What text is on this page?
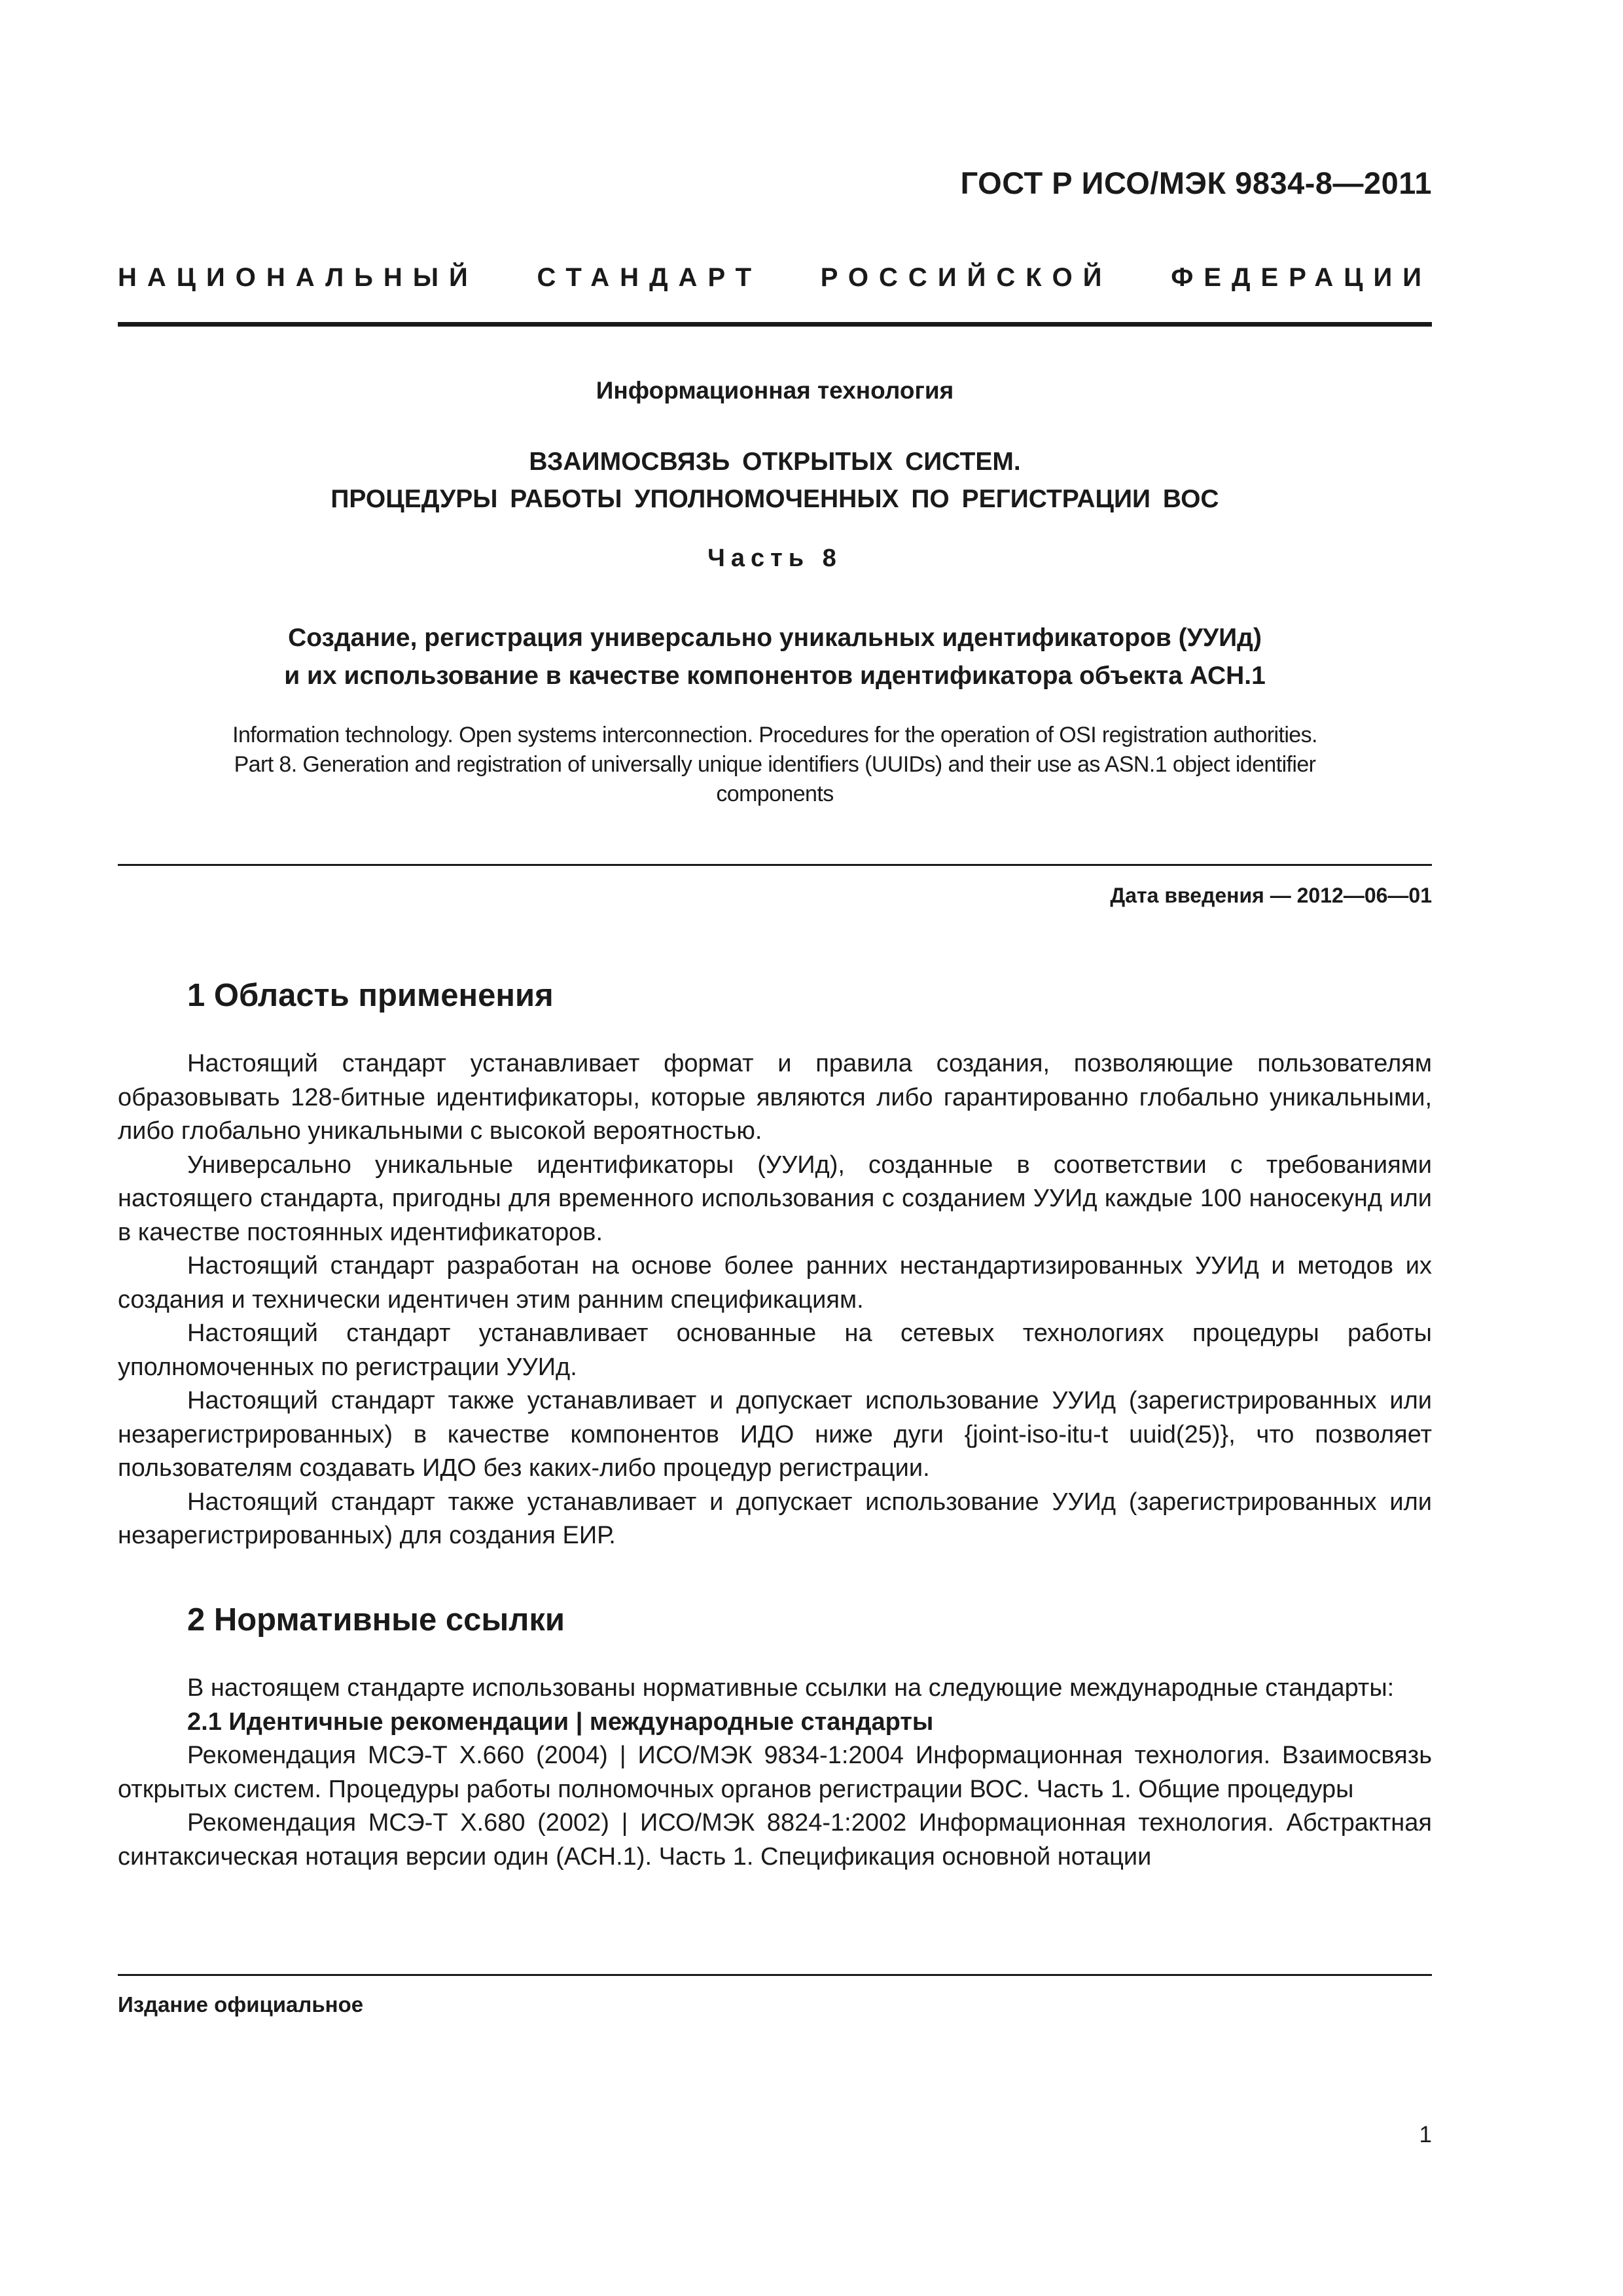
ГОСТ Р ИСО/МЭК 9834-8—2011
НАЦИОНАЛЬНЫЙ СТАНДАРТ РОССИЙСКОЙ ФЕДЕРАЦИИ
Информационная технология
ВЗАИМОСВЯЗЬ ОТКРЫТЫХ СИСТЕМ.
ПРОЦЕДУРЫ РАБОТЫ УПОЛНОМОЧЕННЫХ ПО РЕГИСТРАЦИИ ВОС
Часть 8
Создание, регистрация универсально уникальных идентификаторов (УУИд)
и их использование в качестве компонентов идентификатора объекта АСН.1
Information technology. Open systems interconnection. Procedures for the operation of OSI registration authorities.
Part 8. Generation and registration of universally unique identifiers (UUIDs) and their use as ASN.1 object identifier
components
Дата введения — 2012—06—01
1 Область применения

Настоящий стандарт устанавливает формат и правила создания, позволяющие пользователям образовывать 128-битные идентификаторы, которые являются либо гарантированно глобально уникальными, либо глобально уникальными с высокой вероятностью.

Универсально уникальные идентификаторы (УУИд), созданные в соответствии с требованиями настоящего стандарта, пригодны для временного использования с созданием УУИд каждые 100 наносекунд или в качестве постоянных идентификаторов.

Настоящий стандарт разработан на основе более ранних нестандартизированных УУИд и методов их создания и технически идентичен этим ранним спецификациям.

Настоящий стандарт устанавливает основанные на сетевых технологиях процедуры работы уполномоченных по регистрации УУИд.

Настоящий стандарт также устанавливает и допускает использование УУИд (зарегистрированных или незарегистрированных) в качестве компонентов ИДО ниже дуги {joint-iso-itu-t uuid(25)}, что позволяет пользователям создавать ИДО без каких-либо процедур регистрации.

Настоящий стандарт также устанавливает и допускает использование УУИд (зарегистрированных или незарегистрированных) для создания ЕИР.

2 Нормативные ссылки

В настоящем стандарте использованы нормативные ссылки на следующие международные стандарты:

2.1 Идентичные рекомендации | международные стандарты

Рекомендация МСЭ-Т X.660 (2004) | ИСО/МЭК 9834-1:2004 Информационная технология. Взаимосвязь открытых систем. Процедуры работы полномочных органов регистрации ВОС. Часть 1. Общие процедуры

Рекомендация МСЭ-Т X.680 (2002) | ИСО/МЭК 8824-1:2002 Информационная технология. Абстрактная синтаксическая нотация версии один (АСН.1). Часть 1. Спецификация основной нотации

Издание официальное
1
